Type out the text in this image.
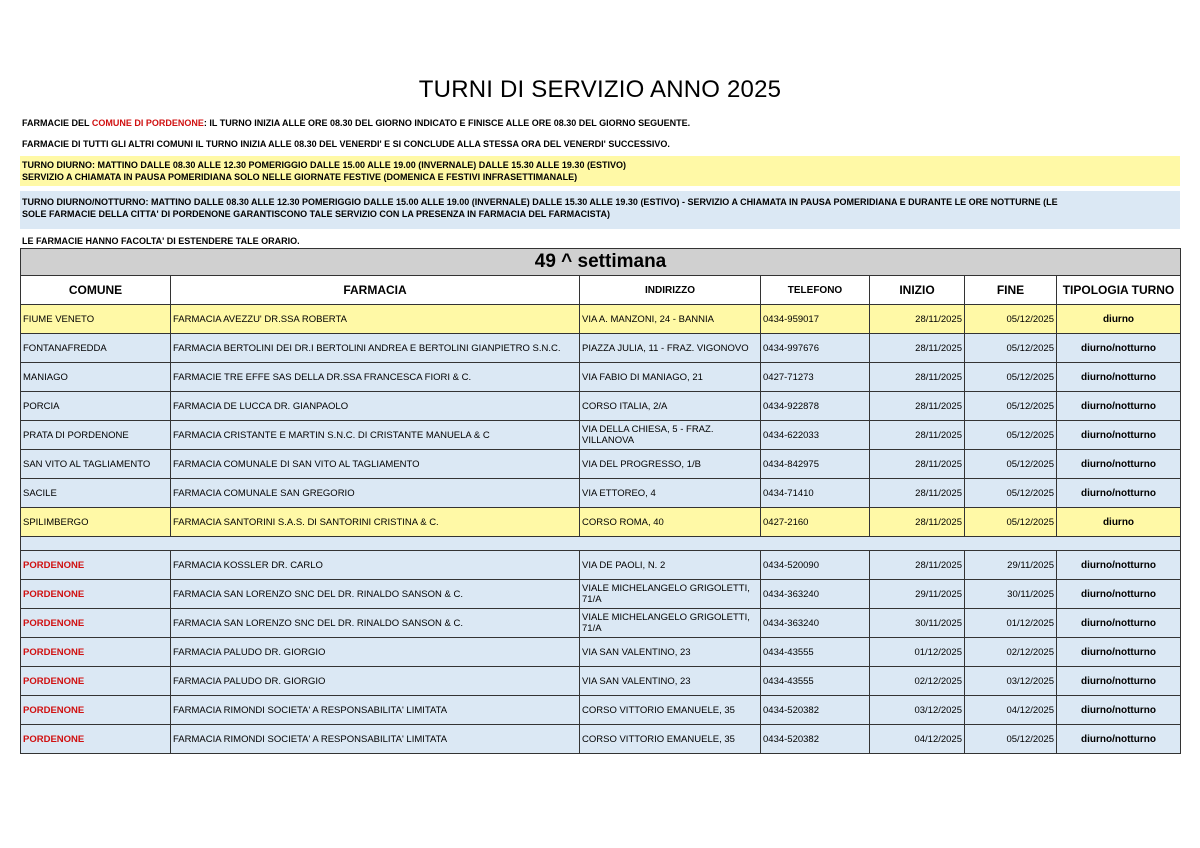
TURNI DI SERVIZIO ANNO 2025
FARMACIE DEL COMUNE DI PORDENONE: IL TURNO INIZIA ALLE ORE 08.30 DEL GIORNO INDICATO E FINISCE ALLE ORE 08.30 DEL GIORNO SEGUENTE.
FARMACIE DI TUTTI GLI ALTRI COMUNI IL TURNO INIZIA ALLE 08.30 DEL VENERDI' E SI CONCLUDE ALLA STESSA ORA DEL VENERDI' SUCCESSIVO.
TURNO DIURNO: MATTINO DALLE 08.30 ALLE 12.30 POMERIGGIO DALLE 15.00 ALLE 19.00 (INVERNALE) DALLE 15.30 ALLE 19.30 (ESTIVO)
SERVIZIO A CHIAMATA IN PAUSA POMERIDIANA SOLO NELLE GIORNATE FESTIVE (DOMENICA E FESTIVI INFRASETTIMANALE)
TURNO DIURNO/NOTTURNO: MATTINO DALLE 08.30 ALLE 12.30 POMERIGGIO DALLE 15.00 ALLE 19.00 (INVERNALE) DALLE 15.30 ALLE 19.30 (ESTIVO) - SERVIZIO A CHIAMATA IN PAUSA POMERIDIANA E DURANTE LE ORE NOTTURNE (LE
SOLE FARMACIE DELLA CITTA' DI PORDENONE GARANTISCONO TALE SERVIZIO CON LA PRESENZA IN FARMACIA DEL FARMACISTA)
LE FARMACIE HANNO FACOLTA' DI ESTENDERE TALE ORARIO.
49 ^ settimana						
COMUNE	FARMACIA	INDIRIZZO	TELEFONO	INIZIO	FINE	TIPOLOGIA TURNO
FIUME VENETO	FARMACIA AVEZZU' DR.SSA ROBERTA	VIA A. MANZONI, 24 - BANNIA	0434-959017	28/11/2025	05/12/2025	diurno
FONTANAFREDDA	FARMACIA BERTOLINI DEI DR.I BERTOLINI ANDREA E BERTOLINI GIANPIETRO S.N.C.	PIAZZA JULIA, 11 - FRAZ. VIGONOVO	0434-997676	28/11/2025	05/12/2025	diurno/notturno
MANIAGO	FARMACIE TRE EFFE SAS DELLA DR.SSA FRANCESCA FIORI & C.	VIA FABIO DI MANIAGO, 21	0427-71273	28/11/2025	05/12/2025	diurno/notturno
PORCIA	FARMACIA DE LUCCA DR. GIANPAOLO	CORSO ITALIA, 2/A	0434-922878	28/11/2025	05/12/2025	diurno/notturno
PRATA DI PORDENONE	FARMACIA CRISTANTE E MARTIN S.N.C. DI CRISTANTE MANUELA & C	VIA DELLA CHIESA, 5 - FRAZ. VILLANOVA	0434-622033	28/11/2025	05/12/2025	diurno/notturno
SAN VITO AL TAGLIAMENTO	FARMACIA COMUNALE DI SAN VITO AL TAGLIAMENTO	VIA DEL PROGRESSO, 1/B	0434-842975	28/11/2025	05/12/2025	diurno/notturno
SACILE	FARMACIA COMUNALE SAN GREGORIO	VIA ETTOREO, 4	0434-71410	28/11/2025	05/12/2025	diurno/notturno
SPILIMBERGO	FARMACIA SANTORINI S.A.S. DI SANTORINI CRISTINA & C.	CORSO ROMA, 40	0427-2160	28/11/2025	05/12/2025	diurno

PORDENONE	FARMACIA KOSSLER DR. CARLO	VIA DE PAOLI, N. 2	0434-520090	28/11/2025	29/11/2025	diurno/notturno
PORDENONE	FARMACIA SAN LORENZO SNC DEL DR. RINALDO SANSON & C.	VIALE MICHELANGELO GRIGOLETTI, 71/A	0434-363240	29/11/2025	30/11/2025	diurno/notturno
PORDENONE	FARMACIA SAN LORENZO SNC DEL DR. RINALDO SANSON & C.	VIALE MICHELANGELO GRIGOLETTI, 71/A	0434-363240	30/11/2025	01/12/2025	diurno/notturno
PORDENONE	FARMACIA PALUDO DR. GIORGIO	VIA SAN VALENTINO, 23	0434-43555	01/12/2025	02/12/2025	diurno/notturno
PORDENONE	FARMACIA PALUDO DR. GIORGIO	VIA SAN VALENTINO, 23	0434-43555	02/12/2025	03/12/2025	diurno/notturno
PORDENONE	FARMACIA RIMONDI SOCIETA' A RESPONSABILITA' LIMITATA	CORSO VITTORIO EMANUELE, 35	0434-520382	03/12/2025	04/12/2025	diurno/notturno
PORDENONE	FARMACIA RIMONDI SOCIETA' A RESPONSABILITA' LIMITATA	CORSO VITTORIO EMANUELE, 35	0434-520382	04/12/2025	05/12/2025	diurno/notturno
